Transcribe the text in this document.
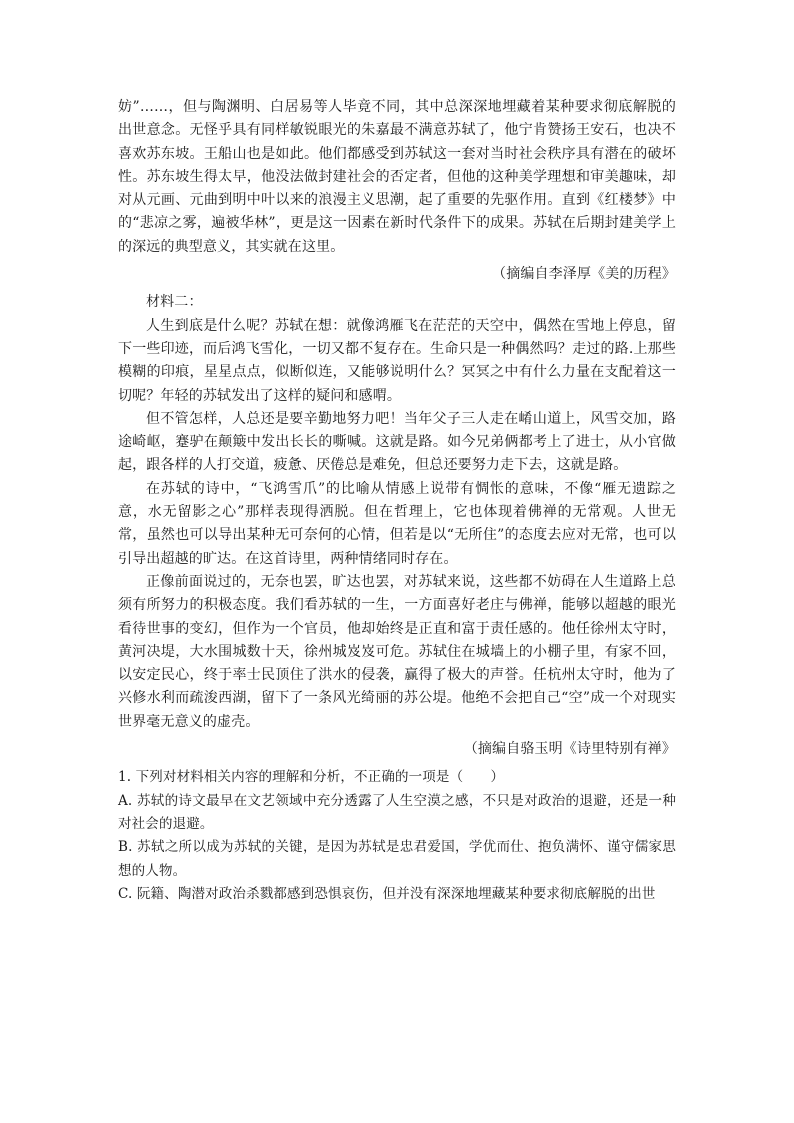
妨”……，但与陶渊明、白居易等人毕竟不同，其中总深深地埋藏着某种要求彻底解脱的出世意念。无怪乎具有同样敏锐眼光的朱嘉最不满意苏轼了，他宁肯赞扬王安石，也决不喜欢苏东坡。王船山也是如此。他们都感受到苏轼这一套对当时社会秩序具有潜在的破坏性。苏东坡生得太早，他没法做封建社会的否定者，但他的这种美学理想和审美趣味，却对从元画、元曲到明中叶以来的浪漫主义思潮，起了重要的先驱作用。直到《红楼梦》中的“悲凉之雾，遍被华林”，更是这一因素在新时代条件下的成果。苏轼在后期封建美学上的深远的典型意义，其实就在这里。

（摘编自李泽厚《美的历程》

材料二：

人生到底是什么呢？苏轼在想：就像鸿雁飞在茫茫的天空中，偶然在雪地上停息，留下一些印迹，而后鸿飞雪化，一切又都不复存在。生命只是一种偶然吗？走过的路.上那些模糊的印痕，星星点点，似断似连，又能够说明什么？冥冥之中有什么力量在支配着这一切呢？年轻的苏轼发出了这样的疑问和感喟。

但不管怎样，人总还是要辛勤地努力吧！当年父子三人走在崤山道上，风雪交加，路途崎岖，蹇驴在颠簸中发出长长的嘶喊。这就是路。如今兄弟俩都考上了进士，从小官做起，跟各样的人打交道，疲惫、厌倦总是难免，但总还要努力走下去，这就是路。

在苏轼的诗中，“飞鸿雪爪”的比喻从情感上说带有惆怅的意味，不像“雁无遗踪之意，水无留影之心”那样表现得洒脱。但在哲理上，它也体现着佛禅的无常观。人世无常，虽然也可以导出某种无可奈何的心情，但若是以“无所住”的态度去应对无常，也可以引导出超越的旷达。在这首诗里，两种情绪同时存在。

正像前面说过的，无奈也罢，旷达也罢，对苏轼来说，这些都不妨碍在人生道路上总须有所努力的积极态度。我们看苏轼的一生，一方面喜好老庄与佛禅，能够以超越的眼光看待世事的变幻，但作为一个官员，他却始终是正直和富于责任感的。他任徐州太守时，黄河决堤，大水围城数十天，徐州城岌岌可危。苏轼住在城墙上的小棚子里，有家不回，以安定民心，终于率士民顶住了洪水的侵袭，赢得了极大的声誉。任杭州太守时，他为了兴修水利而疏浚西湖，留下了一条风光绮丽的苏公堤。他绝不会把自己“空”成一个对现实世界毫无意义的虚壳。

（摘编自骆玉明《诗里特别有禅》

1. 下列对材料相关内容的理解和分析，不正确的一项是（　　）

A. 苏轼的诗文最早在文艺领域中充分透露了人生空漠之感，不只是对政治的退避，还是一种对社会的退避。

B. 苏轼之所以成为苏轼的关键，是因为苏轼是忠君爱国，学优而仕、抱负满怀、谨守儒家思想的人物。

C. 阮籍、陶潜对政治杀戮都感到恐惧哀伤，但并没有深深地埋藏某种要求彻底解脱的出世
